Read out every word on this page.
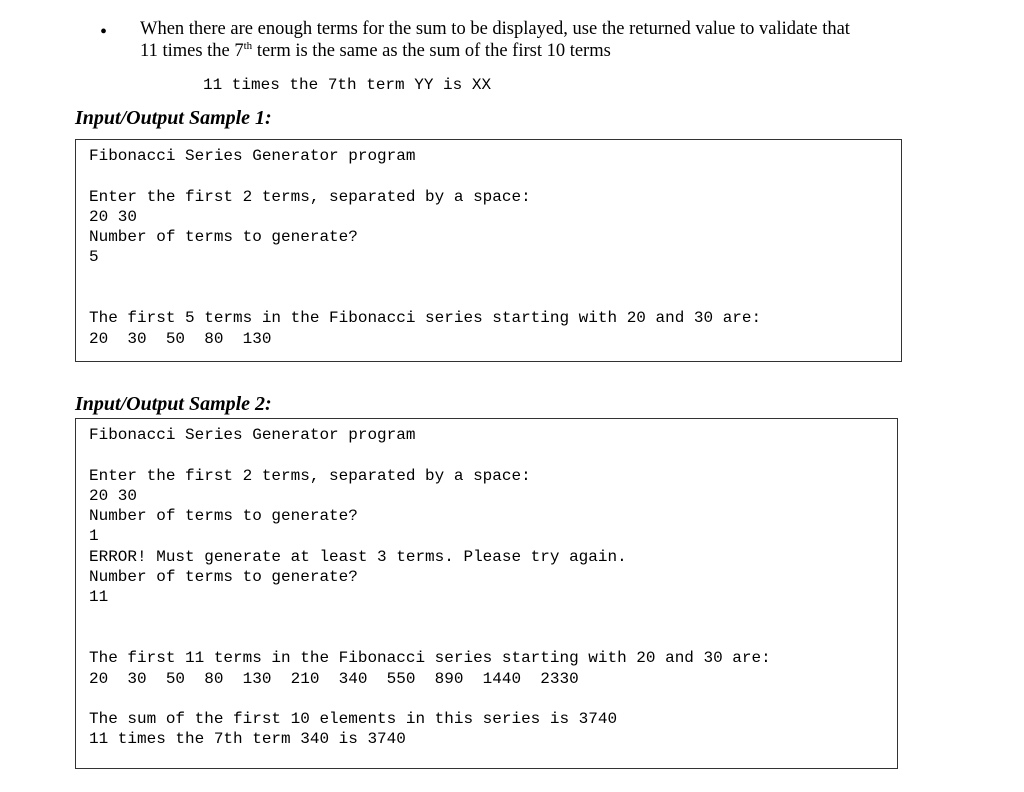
• When there are enough terms for the sum to be displayed, use the returned value to validate that
11 times the 7th term is the same as the sum of the first 10 terms
11 times the 7th term YY is XX
Input/Output Sample 1:
Fibonacci Series Generator program
Enter the first 2 terms, separated by a space:
20 30
Number of terms to generate?
5
The first 5 terms in the Fibonacci series starting with 20 and 30 are:
20  30  50  80  130
Input/Output Sample 2:
Fibonacci Series Generator program
Enter the first 2 terms, separated by a space:
20 30
Number of terms to generate?
1
ERROR! Must generate at least 3 terms. Please try again.
Number of terms to generate?
11
The first 11 terms in the Fibonacci series starting with 20 and 30 are:
20  30  50  80  130  210  340  550  890  1440  2330
The sum of the first 10 elements in this series is 3740
11 times the 7th term 340 is 3740
